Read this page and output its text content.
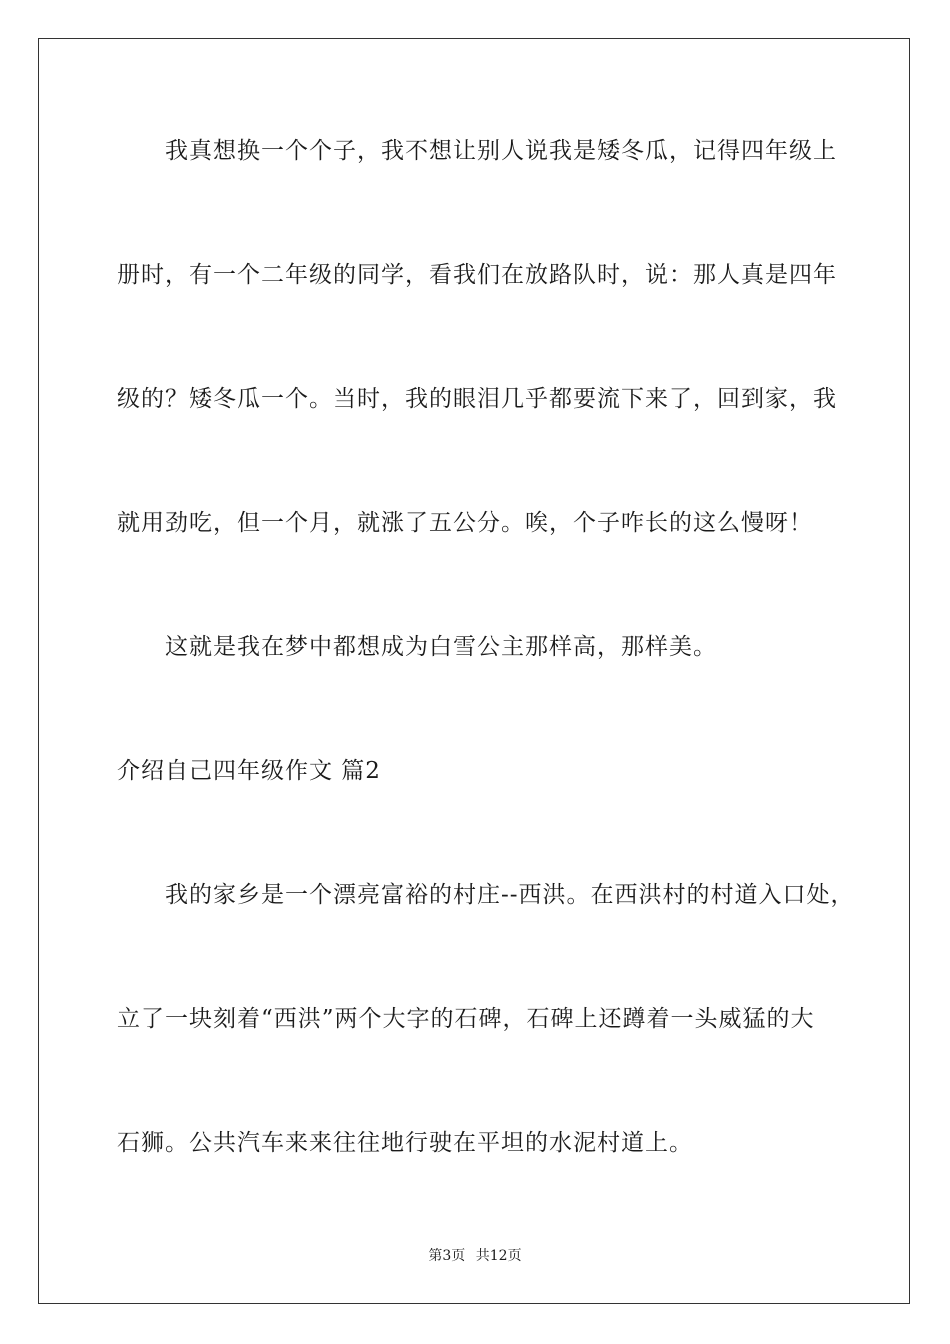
我真想换一个个子，我不想让别人说我是矮冬瓜，记得四年级上
册时，有一个二年级的同学，看我们在放路队时，说：那人真是四年
级的？矮冬瓜一个。当时，我的眼泪几乎都要流下来了，回到家，我
就用劲吃，但一个月，就涨了五公分。唉，个子咋长的这么慢呀！
这就是我在梦中都想成为白雪公主那样高，那样美。
介绍自己四年级作文 篇2
我的家乡是一个漂亮富裕的村庄--西洪。在西洪村的村道入口处，
立了一块刻着“西洪”两个大字的石碑，石碑上还蹲着一头威猛的大
石狮。公共汽车来来往往地行驶在平坦的水泥村道上。
第3页 共12页
